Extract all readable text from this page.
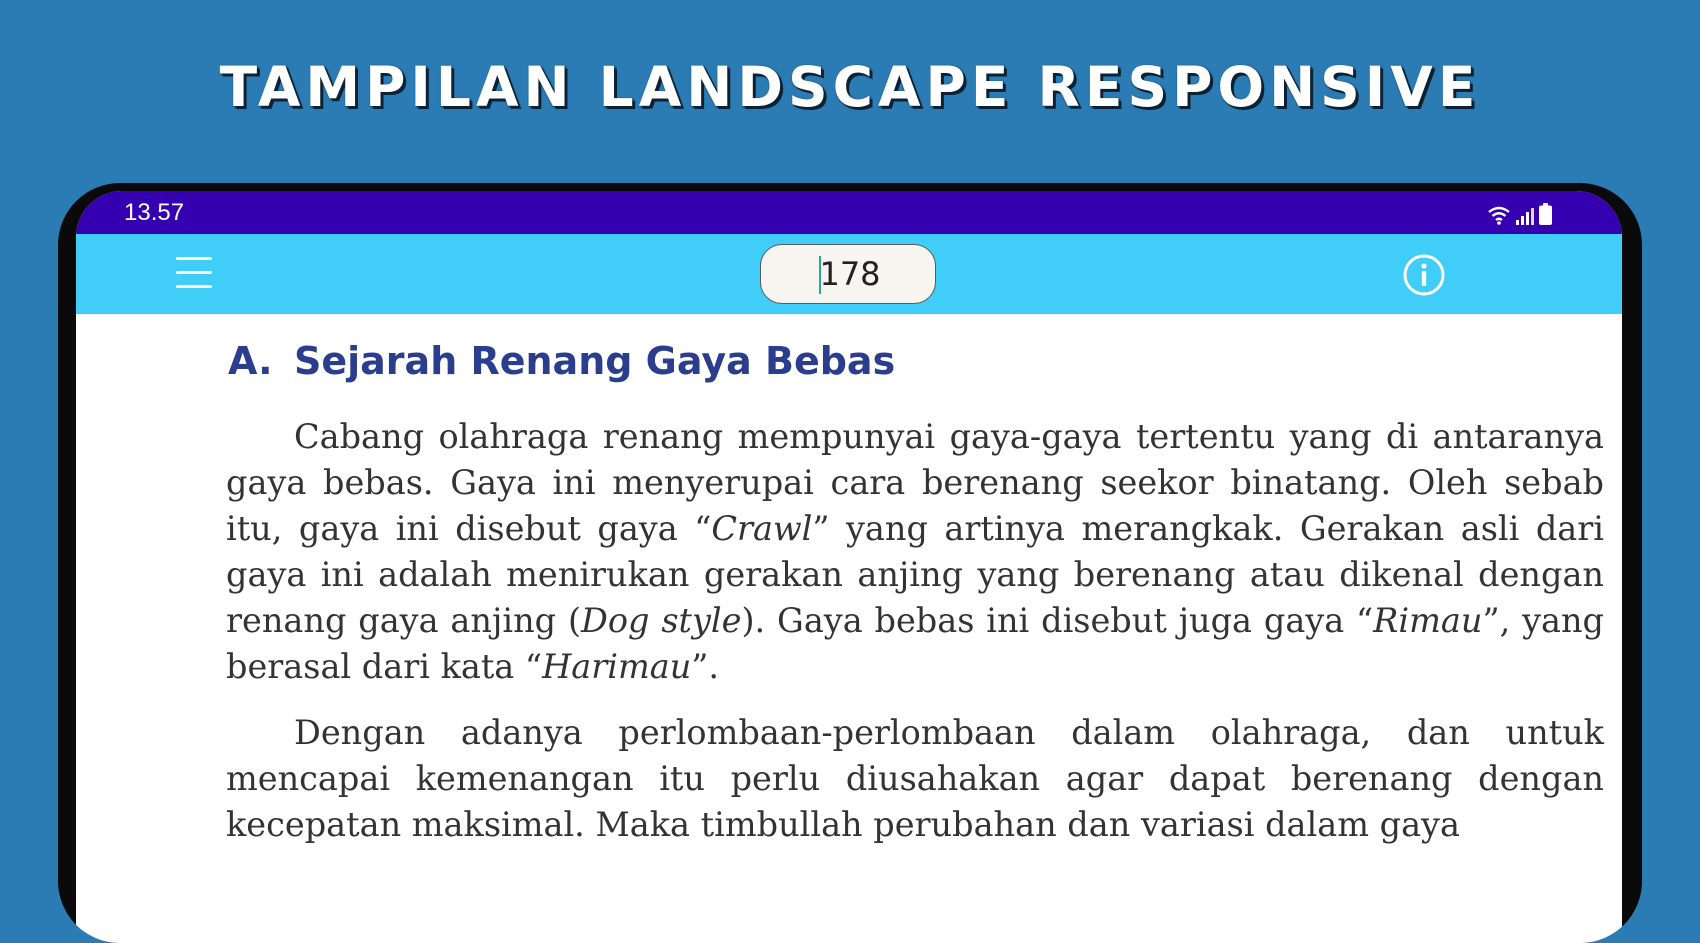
TAMPILAN LANDSCAPE RESPONSIVE
13.57
178
A. Sejarah Renang Gaya Bebas

Cabang olahraga renang mempunyai gaya-gaya tertentu yang di antaranya gaya bebas. Gaya ini menyerupai cara berenang seekor binatang. Oleh sebab itu, gaya ini disebut gaya “Crawl” yang artinya merangkak. Gerakan asli dari gaya ini adalah menirukan gerakan anjing yang berenang atau dikenal dengan renang gaya anjing (Dog style). Gaya bebas ini disebut juga gaya “Rimau”, yang berasal dari kata “Harimau”.

Dengan adanya perlombaan-perlombaan dalam olahraga, dan untuk mencapai kemenangan itu perlu diusahakan agar dapat berenang dengan kecepatan maksimal. Maka timbullah perubahan dan variasi dalam gaya
